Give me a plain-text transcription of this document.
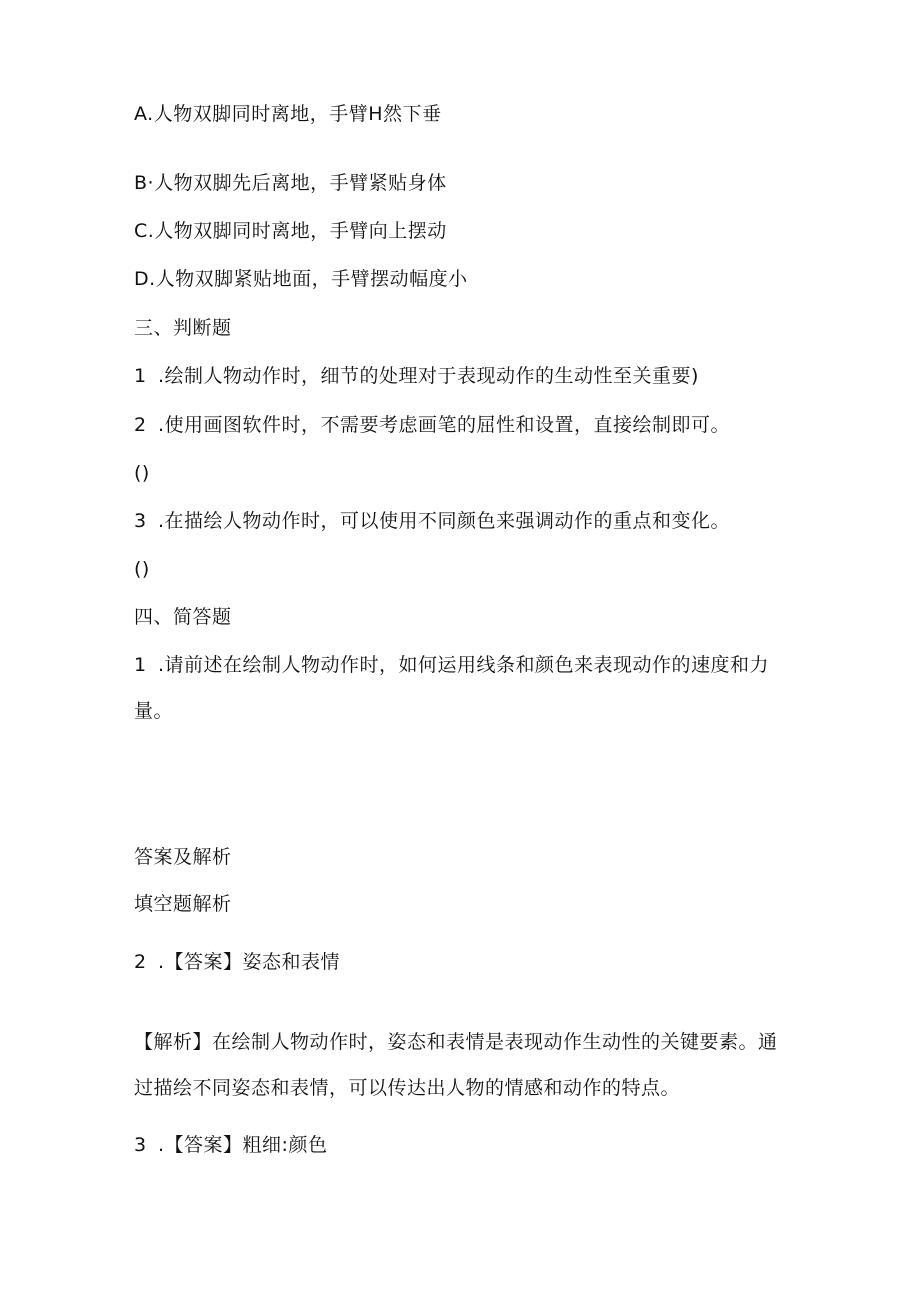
A.人物双脚同时离地，手臂H然下垂
B·人物双脚先后离地，手臂紧贴身体
C.人物双脚同时离地，手臂向上摆动
D.人物双脚紧贴地面，手臂摆动幅度小
三、判断题
1 .绘制人物动作时，细节的处理对于表现动作的生动性至关重要)
2 .使用画图软件时，不需要考虑画笔的屈性和设置，直接绘制即可。
()
3 .在描绘人物动作时，可以使用不同颜色来强调动作的重点和变化。
()
四、简答题
1 .请前述在绘制人物动作时，如何运用线条和颜色来表现动作的速度和力量。
答案及解析
填空题解析
2 .【答案】姿态和表情
【解析】在绘制人物动作时，姿态和表情是表现动作生动性的关键要素。通过描绘不同姿态和表情，可以传达出人物的情感和动作的特点。
3 .【答案】粗细:颜色
